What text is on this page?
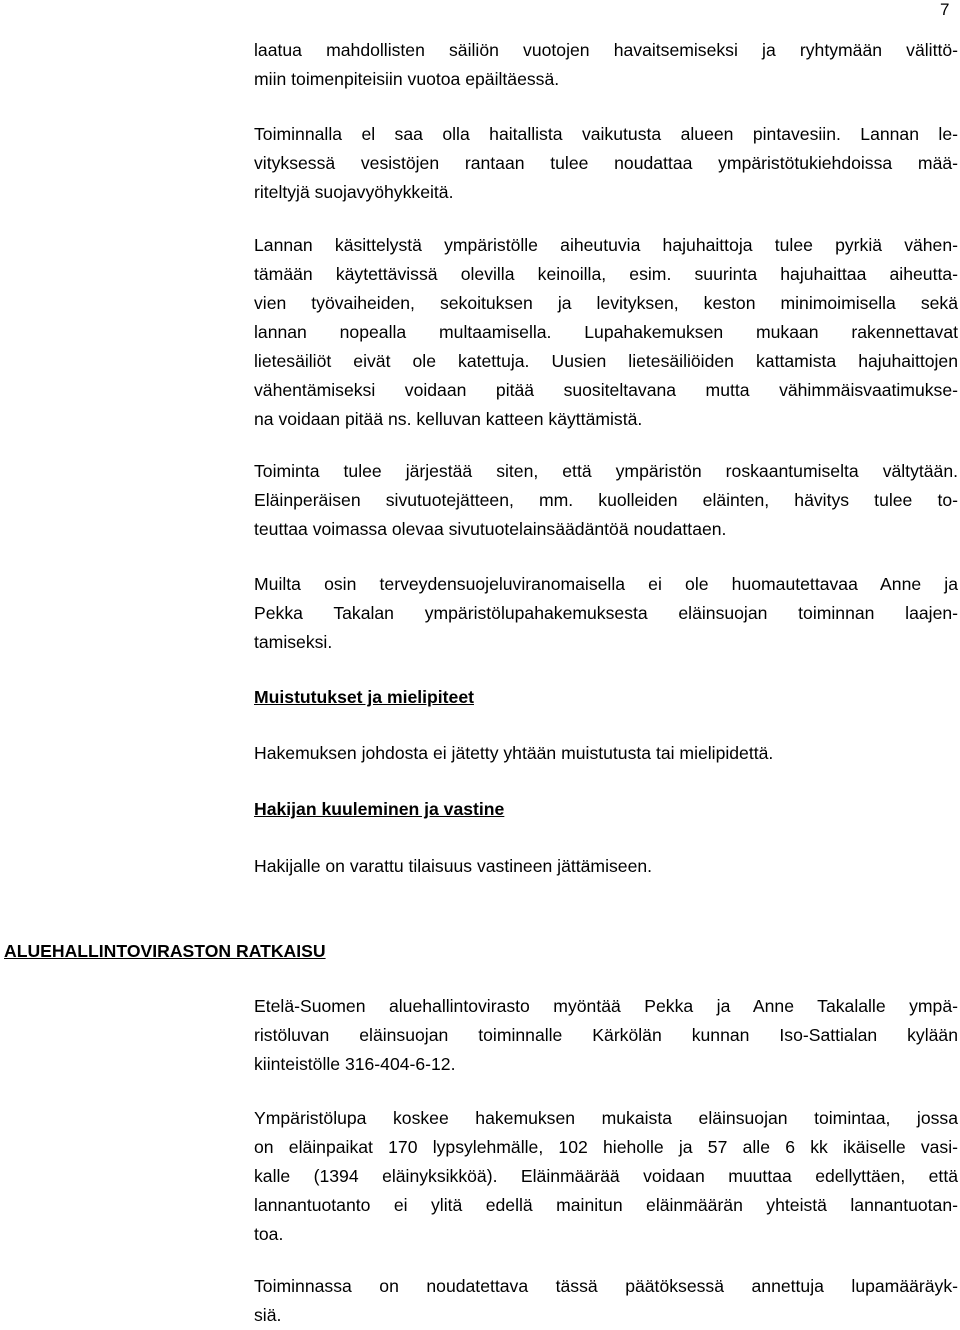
7

laatua mahdollisten säiliön vuotojen havaitsemiseksi ja ryhtymään välittö-
miin toimenpiteisiin vuotoa epäiltäessä.

Toiminnalla el saa olla haitallista vaikutusta alueen pintavesiin. Lannan le-
vityksessä vesistöjen rantaan tulee noudattaa ympäristötukiehdoissa mää-
riteltyjä suojavyöhykkeitä.

Lannan käsittelystä ympäristölle aiheutuvia hajuhaittoja tulee pyrkiä vähen-
tämään käytettävissä olevilla keinoilla, esim. suurinta hajuhaittaa aiheutta-
vien työvaiheiden, sekoituksen ja levityksen, keston minimoimisella sekä
lannan nopealla multaamisella. Lupahakemuksen mukaan rakennettavat
lietesäiliöt eivät ole katettuja. Uusien lietesäiliöiden kattamista hajuhaittojen
vähentämiseksi voidaan pitää suositeltavana mutta vähimmäisvaatimukse-
na voidaan pitää ns. kelluvan katteen käyttämistä.

Toiminta tulee järjestää siten, että ympäristön roskaantumiselta vältytään.
Eläinperäisen sivutuotejätteen, mm. kuolleiden eläinten, hävitys tulee to-
teuttaa voimassa olevaa sivutuotelainsäädäntöä noudattaen.

Muilta osin terveydensuojeluviranomaisella ei ole huomautettavaa Anne ja
Pekka Takalan ympäristölupahakemuksesta eläinsuojan toiminnan laajen-
tamiseksi.

Muistutukset ja mielipiteet

Hakemuksen johdosta ei jätetty yhtään muistutusta tai mielipidettä.

Hakijan kuuleminen ja vastine

Hakijalle on varattu tilaisuus vastineen jättämiseen.

ALUEHALLINTOVIRASTON RATKAISU

Etelä-Suomen aluehallintovirasto myöntää Pekka ja Anne Takalalle ympä-
ristöluvan eläinsuojan toiminnalle Kärkölän kunnan Iso-Sattialan kylään
kiinteistölle 316-404-6-12.

Ympäristölupa koskee hakemuksen mukaista eläinsuojan toimintaa, jossa
on eläinpaikat 170 lypsylehmälle, 102 hieholle ja 57 alle 6 kk ikäiselle vasi-
kalle (1394 eläinyksikköä). Eläinmäärää voidaan muuttaa edellyttäen, että
lannantuotanto ei ylitä edellä mainitun eläinmäärän yhteistä lannantuotan-
toa.

Toiminnassa on noudatettava tässä päätöksessä annettuja lupamääräyk-
siä.
